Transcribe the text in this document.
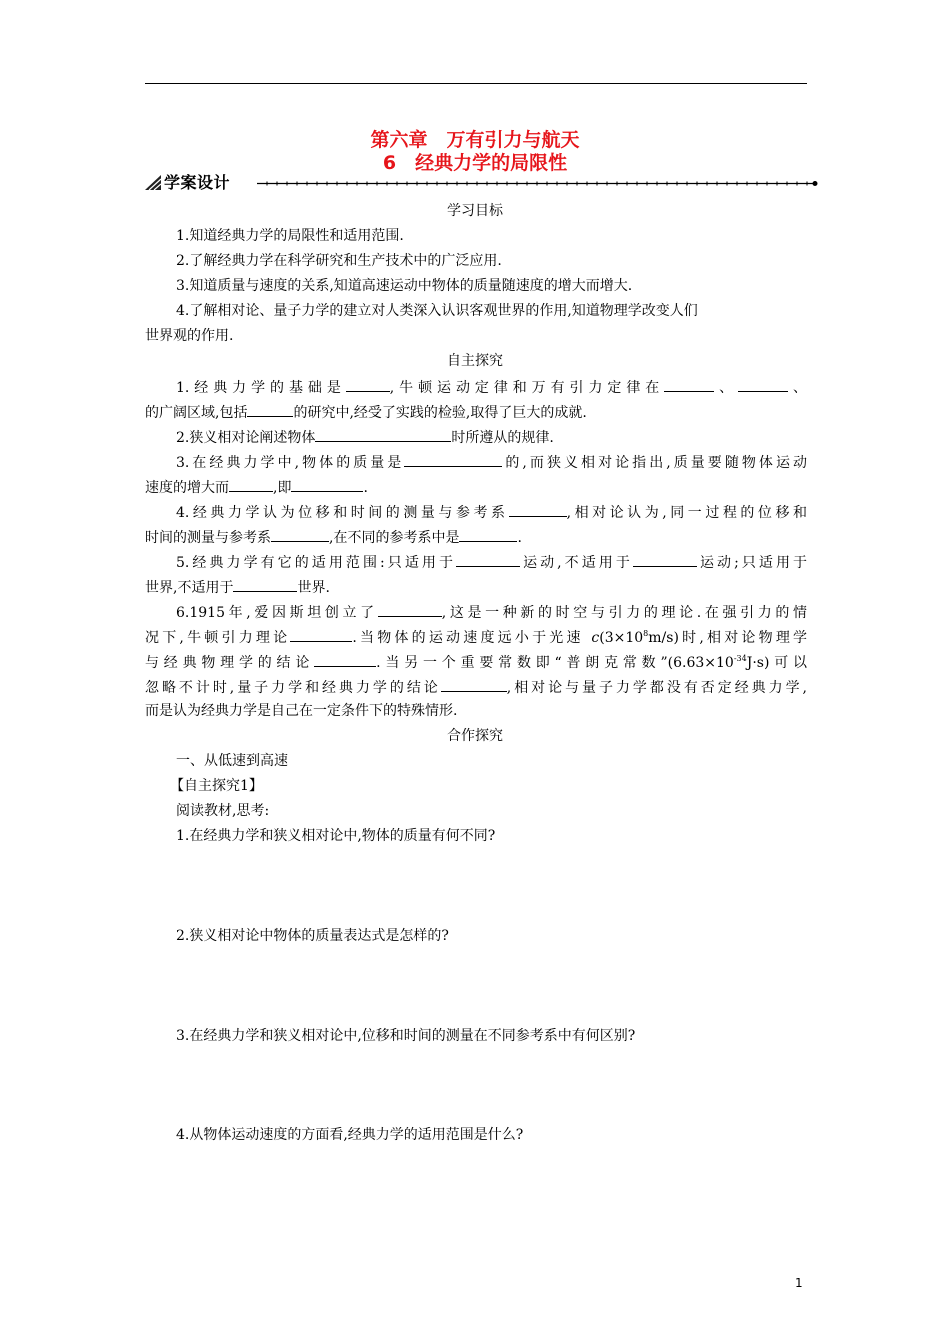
第六章　万有引力与航天
6　经典力学的局限性
学案设计
学习目标
1.知道经典力学的局限性和适用范围.
2.了解经典力学在科学研究和生产技术中的广泛应用.
3.知道质量与速度的关系,知道高速运动中物体的质量随速度的增大而增大.
4.了解相对论、量子力学的建立对人类深入认识客观世界的作用,知道物理学改变人们
世界观的作用.
自主探究
1.经典力学的基础是	,牛顿运动定律和万有引力定律在	、	、
的广阔区域,包括	的研究中,经受了实践的检验,取得了巨大的成就.
2.狭义相对论阐述物体	时所遵从的规律.
3.在经典力学中,物体的质量是	的,而狭义相对论指出,质量要随物体运动
速度的增大而	,即	.
4.经典力学认为位移和时间的测量与参考系	,相对论认为,同一过程的位移和
时间的测量与参考系	,在不同的参考系中是	.
5.经典力学有它的适用范围:只适用于	运动,不适用于	运动;只适用于
世界,不适用于	世界.
6.1915年,爱因斯坦创立了	,这是一种新的时空与引力的理论.在强引力的情
况下,牛顿引力理论	.当物体的运动速度远小于光速 $c(3\times 10^8m/s)$时,相对论物理学
与经典物理学的结论	.当另一个重要常数即“普朗克常数$”(6.63\times 10^{-34}J\cdot s)$可以
忽略不计时,量子力学和经典力学的结论	,相对论与量子力学都没有否定经典力学,
而是认为经典力学是自己在一定条件下的特殊情形.
合作探究
一、从低速到高速
【自主探究1】
阅读教材,思考:
1.在经典力学和狭义相对论中,物体的质量有何不同?
2.狭义相对论中物体的质量表达式是怎样的?
3.在经典力学和狭义相对论中,位移和时间的测量在不同参考系中有何区别?
4.从物体运动速度的方面看,经典力学的适用范围是什么?
1
